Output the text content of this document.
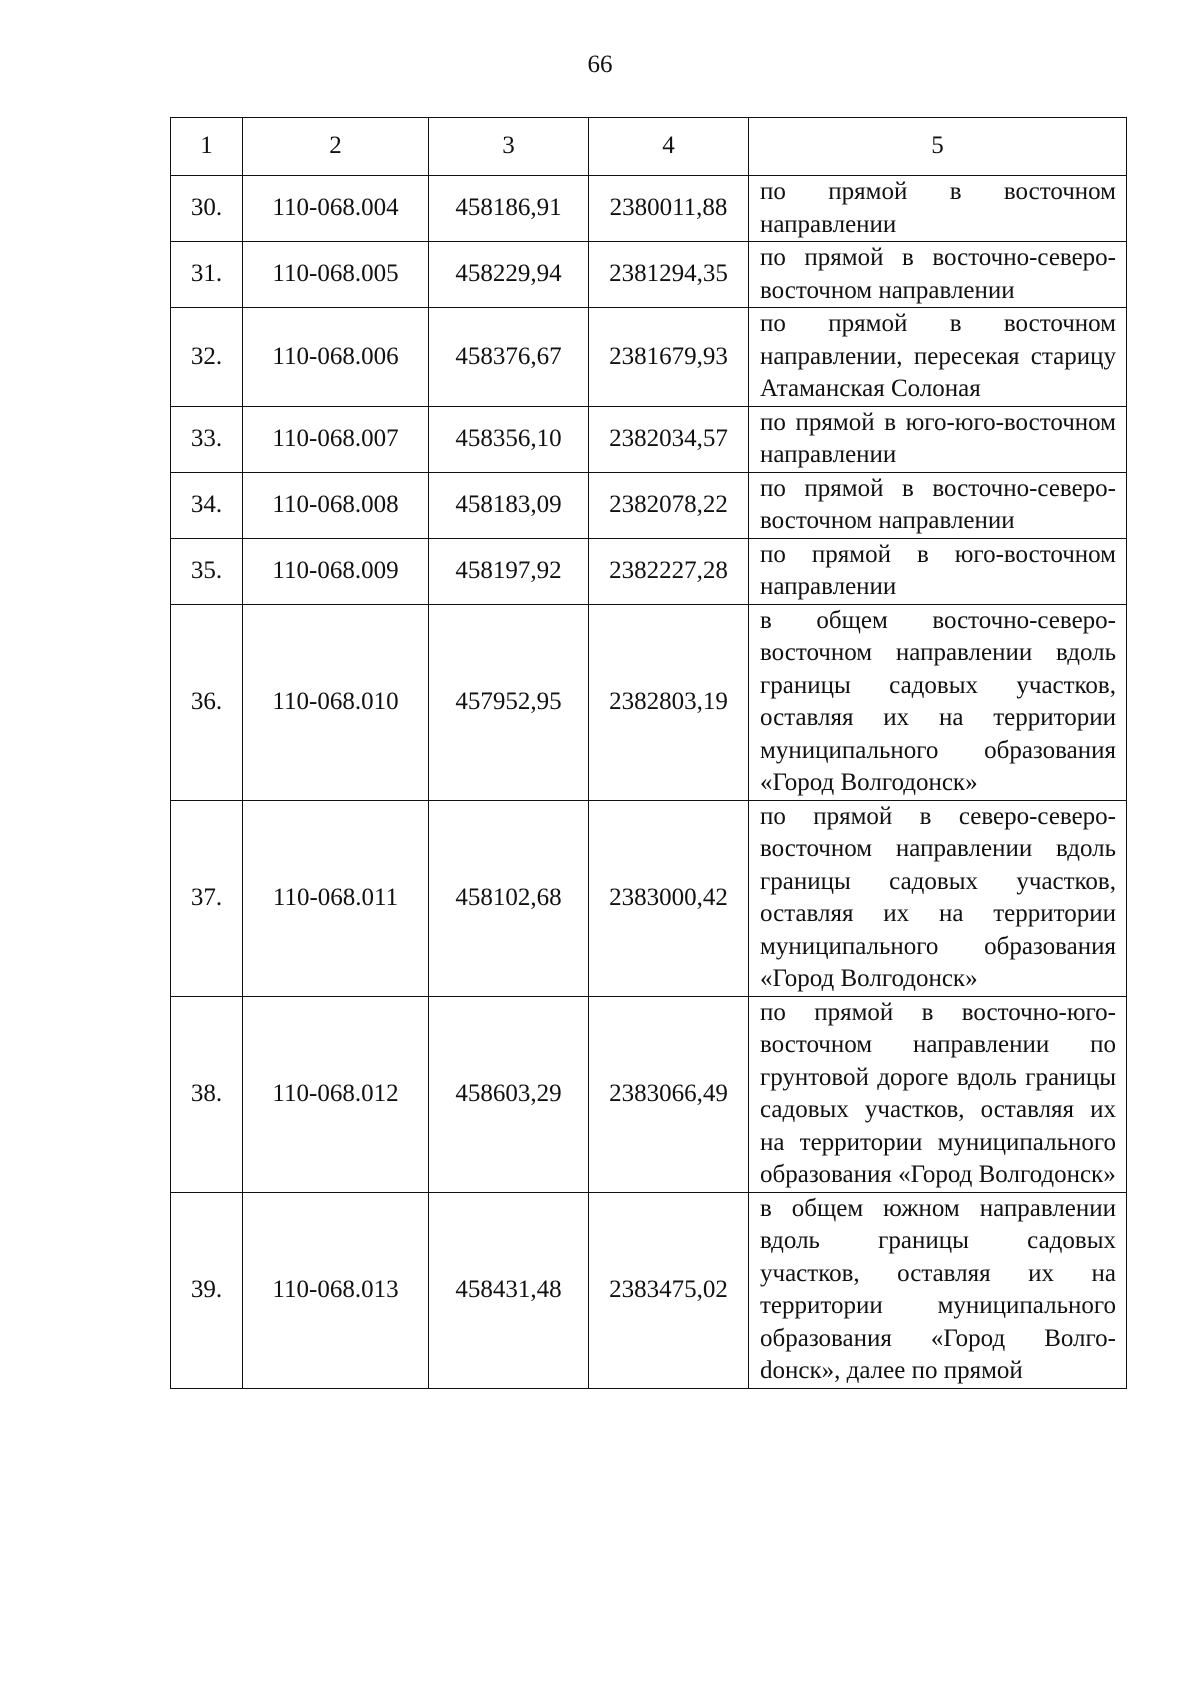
66
1	2	3	4	5
30.	110-068.004	458186,91	2380011,88	по прямой в восточном направлении
31.	110-068.005	458229,94	2381294,35	по прямой в восточно-северо-восточном направлении
32.	110-068.006	458376,67	2381679,93	по прямой в восточном направлении, пересекая старицу Атаманская Солоная
33.	110-068.007	458356,10	2382034,57	по прямой в юго-юго-восточном направлении
34.	110-068.008	458183,09	2382078,22	по прямой в восточно-северо-восточном направлении
35.	110-068.009	458197,92	2382227,28	по прямой в юго-восточном направлении
36.	110-068.010	457952,95	2382803,19	в общем восточно-северо-восточном направлении вдоль границы садовых участков, оставляя их на территории муниципального образования «Город Волгодонск»
37.	110-068.011	458102,68	2383000,42	по прямой в северо-северо-восточном направлении вдоль границы садовых участков, оставляя их на территории муниципального образования «Город Волгодонск»
38.	110-068.012	458603,29	2383066,49	по прямой в восточно-юго-восточном направлении по грунтовой дороге вдоль границы садовых участков, оставляя их на территории муниципального образования «Город Волгодонск»
39.	110-068.013	458431,48	2383475,02	в общем южном направлении вдоль границы садовых участков, оставляя их на территории муниципального образования «Город Волгоdонск», далее по прямой
